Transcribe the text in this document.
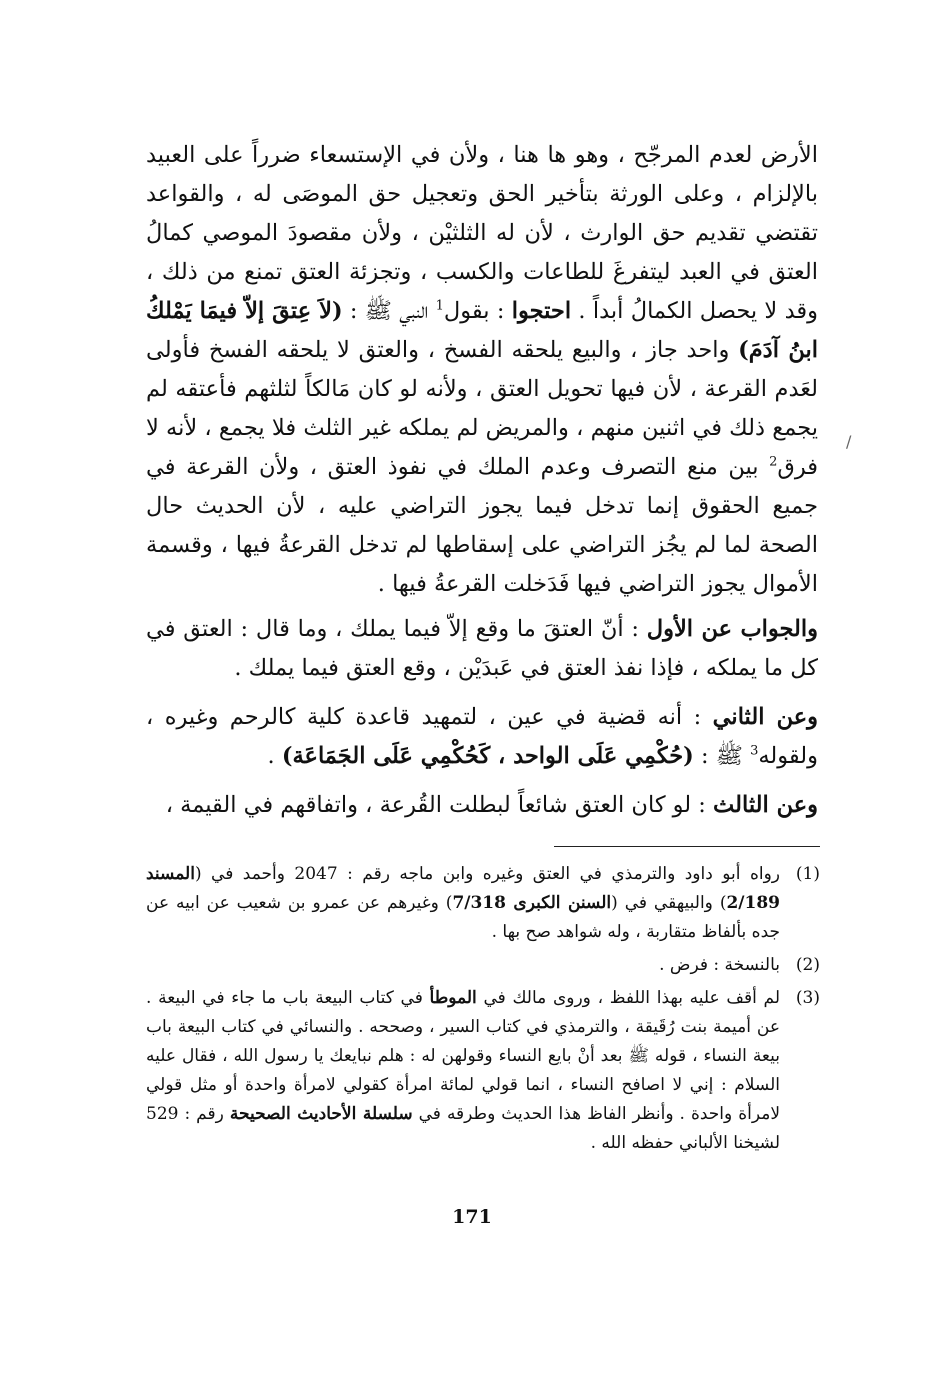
الأرض لعدم المرجّح ، وهو ها هنا ، ولأن في الإستسعاء ضرراً على العبيد بالإلزام ، وعلى الورثة بتأخير الحق وتعجيل حق الموصَى له ، والقواعد تقتضي تقديم حق الوارث ، لأن له الثلثيْن ، ولأن مقصودَ الموصي كمالُ العتق في العبد ليتفرغَ للطاعات والكسب ، وتجزئة العتق تمنع من ذلك ، وقد لا يحصل الكمالُ أبداً . احتجوا : بقول$^1$ النبي ﷺ : (لاَ عِتقَ إلاّ فيمَا يَمْلكُ ابنُ آدَمَ) واحد جاز ، والبيع يلحقه الفسخ ، والعتق لا يلحقه الفسخ فأولى لعَدم القرعة ، لأن فيها تحويل العتق ، ولأنه لو كان مَالكاً لثلثهم فأعتقه لم يجمع ذلك في اثنين منهم ، والمريض لم يملكه غير الثلث فلا يجمع ، لأنه لا فرق$^2$ بين منع التصرف وعدم الملك في نفوذ العتق ، ولأن القرعة في جميع الحقوق إنما تدخل فيما يجوز التراضي عليه ، لأن الحديث حال الصحة لما لم يجُز التراضي على إسقاطها لم تدخل القرعةُ فيها ، وقسمة الأموال يجوز التراضي فيها فَدَخلت القرعةُ فيها .

والجواب عن الأول : أنّ العتقَ ما وقع إلاّ فيما يملك ، وما قال : العتق في كل ما يملكه ، فإذا نفذ العتق في عَبدَيْن ، وقع العتق فيما يملك .

وعن الثاني : أنه قضية في عين ، لتمهيد قاعدة كلية كالرحم وغيره ، ولقوله$^3$ ﷺ : (حُكْمِي عَلَى الواحد ، كَحُكْمِي عَلَى الجَمَاعَة) .

وعن الثالث : لو كان العتق شائعاً لبطلت القُرعة ، واتفاقهم في القيمة ،

/
(1)
رواه أبو داود والترمذي في العتق وغيره وابن ماجه رقم : 2047 وأحمد في (المسند 2/189) والبيهقي في (السنن الكبرى 7/318) وغيرهم عن عمرو بن شعيب عن ابيه عن جده بألفاظ متقاربة ، وله شواهد صح بها .
(2)
بالنسخة : فرض .
(3)
لم أقف عليه بهذا اللفظ ، وروى مالك في الموطأ في كتاب البيعة باب ما جاء في البيعة . عن أميمة بنت رُقَيقة ، والترمذي في كتاب السير ، وصححه . والنسائي في كتاب البيعة باب بيعة النساء ، قوله ﷺ بعد أنْ بايع النساء وقولهن له : هلم نبايعك يا رسول الله ، فقال عليه السلام : إني لا اصافح النساء ، انما قولي لمائة امرأة كقولي لامرأة واحدة أو مثل قولي لامرأة واحدة . وأنظر الفاظ هذا الحديث وطرقه في سلسلة الأحاديث الصحيحة رقم : 529 لشيخنا الألباني حفظه الله .
171
